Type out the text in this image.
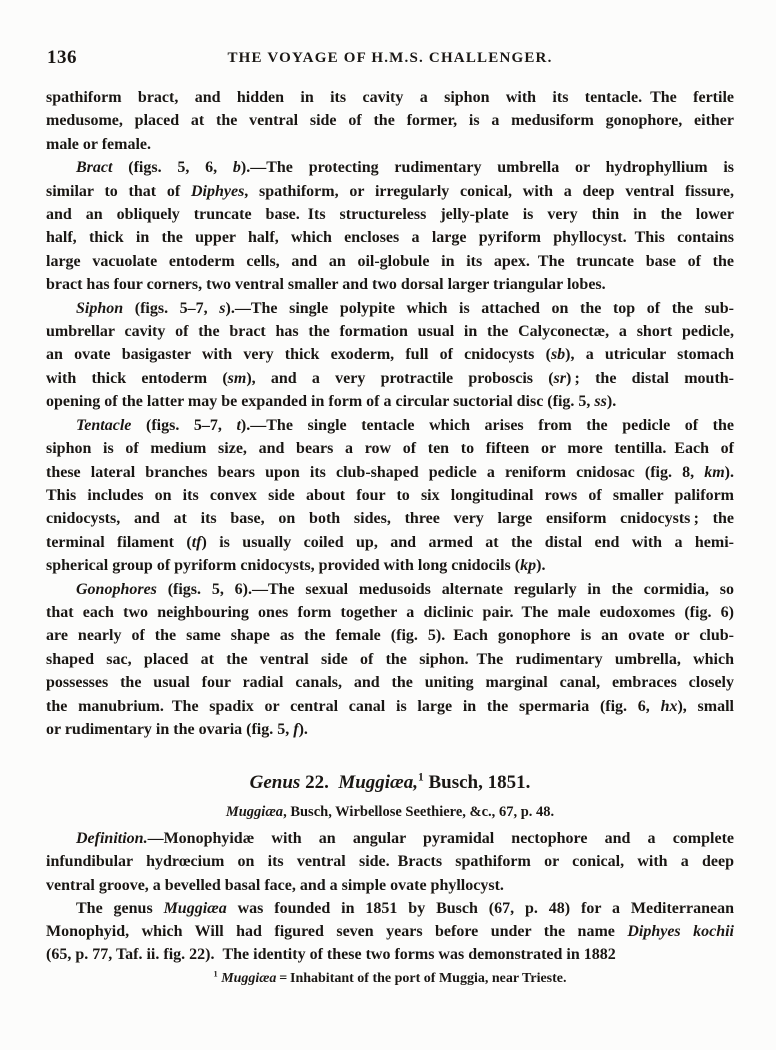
136	THE VOYAGE OF H.M.S. CHALLENGER.
spathiform bract, and hidden in its cavity a siphon with its tentacle. The fertile
medusome, placed at the ventral side of the former, is a medusiform gonophore, either
male or female.
Bract (figs. 5, 6, b).—The protecting rudimentary umbrella or hydrophyllium is
similar to that of Diphyes, spathiform, or irregularly conical, with a deep ventral fissure,
and an obliquely truncate base. Its structureless jelly-plate is very thin in the lower
half, thick in the upper half, which encloses a large pyriform phyllocyst. This contains
large vacuolate entoderm cells, and an oil-globule in its apex. The truncate base of the
bract has four corners, two ventral smaller and two dorsal larger triangular lobes.
Siphon (figs. 5–7, s).—The single polypite which is attached on the top of the sub-
umbrellar cavity of the bract has the formation usual in the Calyconectæ, a short pedicle,
an ovate basigaster with very thick exoderm, full of cnidocysts (sb), a utricular stomach
with thick entoderm (sm), and a very protractile proboscis (sr) ; the distal mouth-
opening of the latter may be expanded in form of a circular suctorial disc (fig. 5, ss).
Tentacle (figs. 5–7, t).—The single tentacle which arises from the pedicle of the
siphon is of medium size, and bears a row of ten to fifteen or more tentilla. Each of
these lateral branches bears upon its club-shaped pedicle a reniform cnidosac (fig. 8, km).
This includes on its convex side about four to six longitudinal rows of smaller paliform
cnidocysts, and at its base, on both sides, three very large ensiform cnidocysts ; the
terminal filament (tf) is usually coiled up, and armed at the distal end with a hemi-
spherical group of pyriform cnidocysts, provided with long cnidocils (kp).
Gonophores (figs. 5, 6).—The sexual medusoids alternate regularly in the cormidia, so
that each two neighbouring ones form together a diclinic pair. The male eudoxomes (fig. 6)
are nearly of the same shape as the female (fig. 5). Each gonophore is an ovate or club-
shaped sac, placed at the ventral side of the siphon. The rudimentary umbrella, which
possesses the usual four radial canals, and the uniting marginal canal, embraces closely
the manubrium. The spadix or central canal is large in the spermaria (fig. 6, hx), small
or rudimentary in the ovaria (fig. 5, f).
Genus 22. Muggiæa,$^1$ Busch, 1851.
Muggiæa, Busch, Wirbellose Seethiere, &c., 67, p. 48.
Definition.—Monophyidæ with an angular pyramidal nectophore and a complete
infundibular hydrœcium on its ventral side. Bracts spathiform or conical, with a deep
ventral groove, a bevelled basal face, and a simple ovate phyllocyst.
The genus Muggiæa was founded in 1851 by Busch (67, p. 48) for a Mediterranean
Monophyid, which Will had figured seven years before under the name Diphyes kochii
(65, p. 77, Taf. ii. fig. 22). The identity of these two forms was demonstrated in 1882
$^1$ Muggiæa = Inhabitant of the port of Muggia, near Trieste.
